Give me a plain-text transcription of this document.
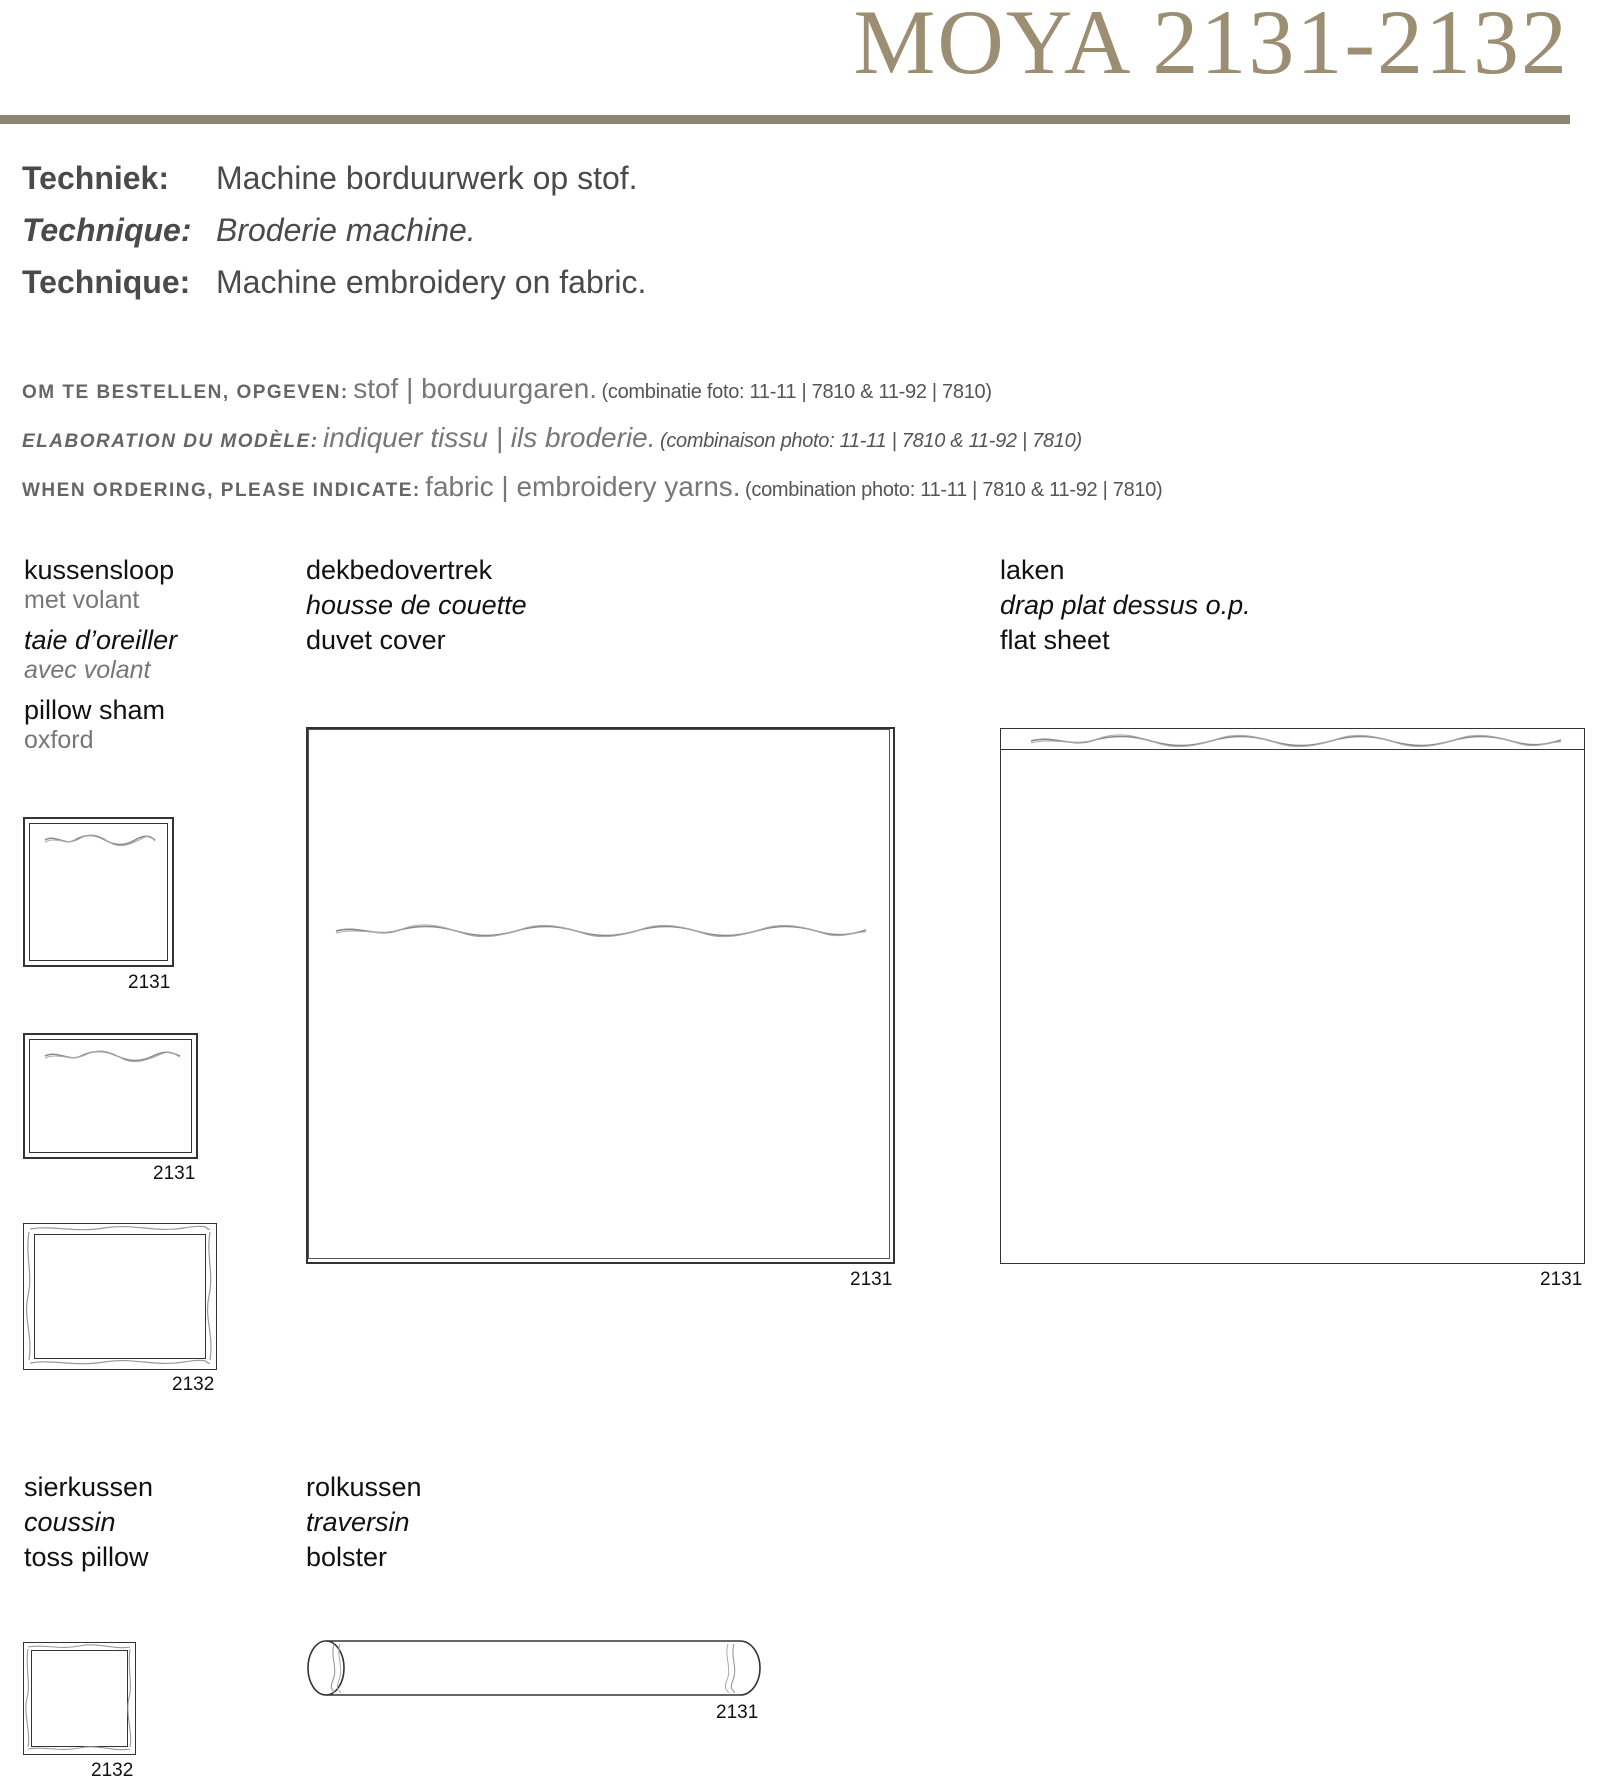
MOYA 2131-2132
Techniek: Machine borduurwerk op stof.
Technique: Broderie machine.
Technique: Machine embroidery on fabric.
OM TE BESTELLEN, OPGEVEN: stof | borduurgaren. (combinatie foto: 11-11 | 7810 & 11-92 | 7810)
ELABORATION DU MODÈLE: indiquer tissu | ils broderie. (combinaison photo: 11-11 | 7810 & 11-92 | 7810)
WHEN ORDERING, PLEASE INDICATE: fabric | embroidery yarns. (combination photo: 11-11 | 7810 & 11-92 | 7810)
kussensloop
met volant
taie d’oreiller
avec volant
pillow sham
oxford
dekbedovertrek
housse de couette
duvet cover
laken
drap plat dessus o.p.
flat sheet
2131
2131
2132
2131	2131
sierkussen
coussin
toss pillow
rolkussen
traversin
bolster
2132
2131
